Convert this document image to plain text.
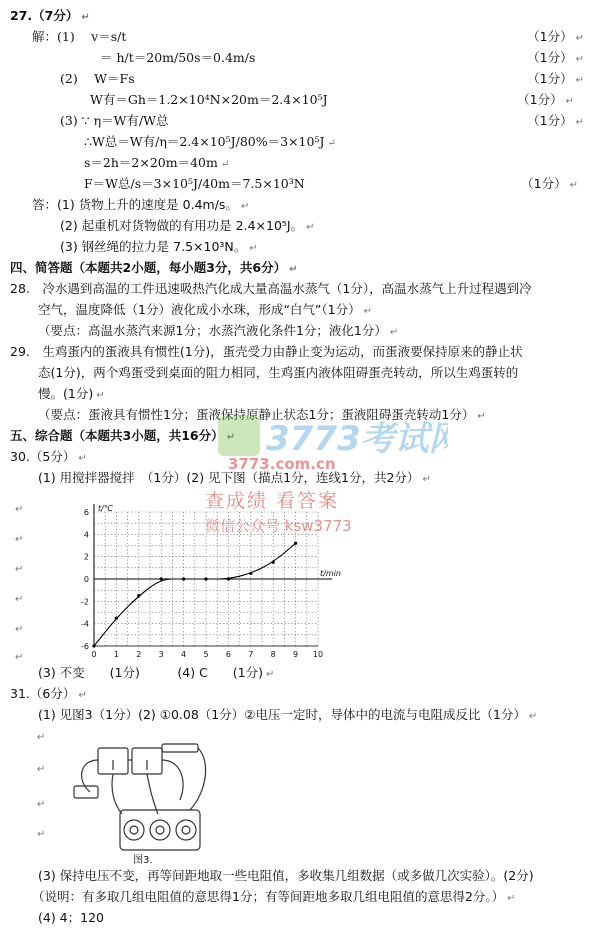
27.（7分） ↵
解：(1)　 v＝s/t	（1分） ↵
＝ h/t＝20m/50s＝0.4m/s	（1分） ↵
(2)　 W＝Fs	（1分） ↵
W有＝Gh＝1.2×10⁴N×20m＝2.4×10⁵J	（1分） ↵
(3) ∵ η＝W有/W总	（1分） ↵
∴W总＝W有/η＝2.4×10⁵J/80%＝3×10⁵J ↵
s＝2h＝2×20m＝40m ↵
F＝W总/s＝3×10⁵J/40m＝7.5×10³N	（1分） ↵
答：(1) 货物上升的速度是 0.4m/s。 ↵
(2) 起重机对货物做的有用功是 2.4×10⁵J。 ↵
(3) 钢丝绳的拉力是 7.5×10³N。 ↵
四、简答题（本题共2小题，每小题3分，共6分） ↵
28.　冷水遇到高温的工件迅速吸热汽化成大量高温水蒸气（1分），高温水蒸气上升过程遇到冷
空气，温度降低（1分）液化成小水珠，形成“白气”（1分） ↵
（要点：高温水蒸汽来源1分；水蒸汽液化条件1分；液化1分） ↵
29.　生鸡蛋内的蛋液具有惯性(1分)，蛋壳受力由静止变为运动，而蛋液要保持原来的静止状
态(1分)，两个鸡蛋受到桌面的阻力相同，生鸡蛋内液体阻碍蛋壳转动，所以生鸡蛋转的
慢。(1分) ↵
（要点：蛋液具有惯性1分；蛋液保持原静止状态1分；蛋液阻碍蛋壳转动1分） ↵
五、综合题（本题共3小题，共16分） ↵
30.（5分） ↵
(1) 用搅拌器搅拌　（1分）(2) 见下图（描点1分，连线1分，共2分） ↵
↵
↵
↵
↵
↵
↵
6
4
2
0
-2
-4
-6
0 1 2 3 4 5 6 7 8 9 10
t/℃
t/min
(3) 不变　　(1分)　　　(4) C　　(1分) ↵
31.（6分） ↵
(1) 见图3（1分）(2) ①0.08（1分）②电压一定时，导体中的电流与电阻成反比（1分） ↵
图3.
↵
↵
↵
↵
(3) 保持电压不变，再等间距地取一些电阻值，多收集几组数据（或多做几次实验）。(2分)
（说明：有多取几组电阻值的意思得1分；有等间距地多取几组电阻值的意思得2分。） ↵
(4) 4；120
3773考试网
3773.com.cn
查成绩 看答案
微信公众号 ksw3773
